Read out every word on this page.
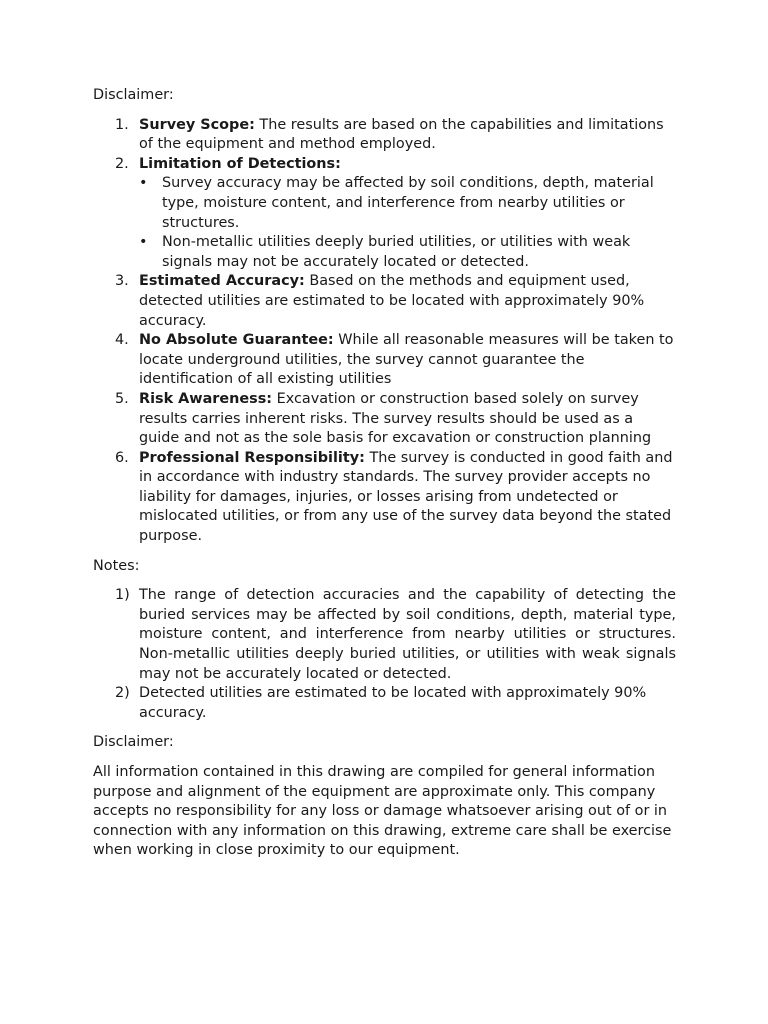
Disclaimer:

1. Survey Scope: The results are based on the capabilities and limitations of the equipment and method employed.
2. Limitation of Detections:
• Survey accuracy may be affected by soil conditions, depth, material type, moisture content, and interference from nearby utilities or structures.
• Non-metallic utilities deeply buried utilities, or utilities with weak signals may not be accurately located or detected.
3. Estimated Accuracy: Based on the methods and equipment used, detected utilities are estimated to be located with approximately 90% accuracy.
4. No Absolute Guarantee: While all reasonable measures will be taken to locate underground utilities, the survey cannot guarantee the identification of all existing utilities
5. Risk Awareness: Excavation or construction based solely on survey results carries inherent risks. The survey results should be used as a guide and not as the sole basis for excavation or construction planning
6. Professional Responsibility: The survey is conducted in good faith and in accordance with industry standards. The survey provider accepts no liability for damages, injuries, or losses arising from undetected or mislocated utilities, or from any use of the survey data beyond the stated purpose.

Notes:

1) The range of detection accuracies and the capability of detecting the buried services may be affected by soil conditions, depth, material type, moisture content, and interference from nearby utilities or structures. Non-metallic utilities deeply buried utilities, or utilities with weak signals may not be accurately located or detected.
2) Detected utilities are estimated to be located with approximately 90% accuracy.

Disclaimer:

All information contained in this drawing are compiled for general information purpose and alignment of the equipment are approximate only. This company accepts no responsibility for any loss or damage whatsoever arising out of or in connection with any information on this drawing, extreme care shall be exercise when working in close proximity to our equipment.
